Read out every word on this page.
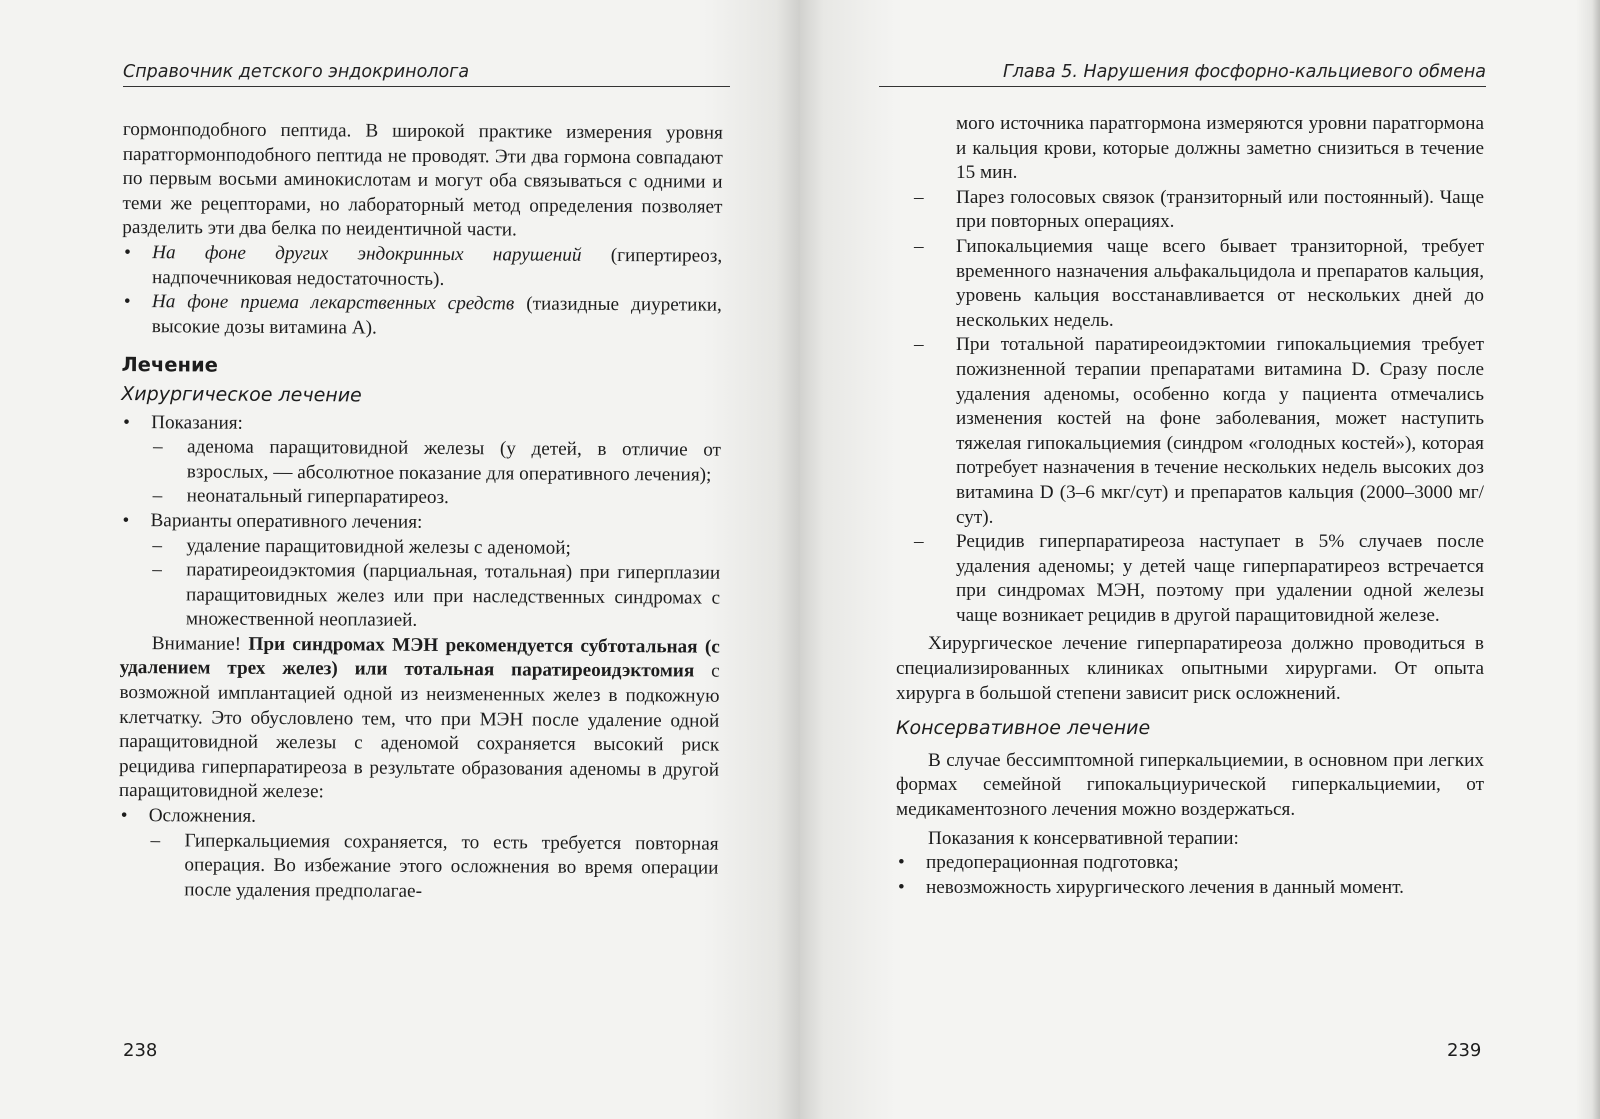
Справочник детского эндокринолога

гормонподобного пептида. В широкой практике измерения уровня паратгормонподобного пептида не проводят. Эти два гормона совпадают по первым восьми аминокислотам и могут оба связываться с одними и теми же рецепторами, но лабораторный метод определения позволяет разделить эти два белка по неидентичной части.

• На фоне других эндокринных нарушений (гипертиреоз, надпочечниковая недостаточность).
• На фоне приема лекарственных средств (тиазидные диуретики, высокие дозы витамина А).
Лечение
Хирургическое лечение
• Показания:
– аденома паращитовидной железы (у детей, в отличие от взрослых, — абсолютное показание для оперативного лечения);
– неонатальный гиперпаратиреоз.
• Варианты оперативного лечения:
– удаление паращитовидной железы с аденомой;
– паратиреоидэктомия (парциальная, тотальная) при гиперплазии паращитовидных желез или при наследственных синдромах с множественной неоплазией.

Внимание! При синдромах МЭН рекомендуется субтотальная (с удалением трех желез) или тотальная паратиреоидэктомия с возможной имплантацией одной из неизмененных желез в подкожную клетчатку. Это обусловлено тем, что при МЭН после удаление одной паращитовидной железы с аденомой сохраняется высокий риск рецидива гиперпаратиреоза в результате образования аденомы в другой паращитовидной железе:

• Осложнения.
– Гиперкальциемия сохраняется, то есть требуется повторная операция. Во избежание этого осложнения во время операции после удаления предполагае-
238
Глава 5. Нарушения фосфорно-кальциевого обмена
мого источника паратгормона измеряются уровни паратгормона и кальция крови, которые должны заметно снизиться в течение 15 мин.
– Парез голосовых связок (транзиторный или постоянный). Чаще при повторных операциях.
– Гипокальциемия чаще всего бывает транзиторной, требует временного назначения альфакальцидола и препаратов кальция, уровень кальция восстанавливается от нескольких дней до нескольких недель.
– При тотальной паратиреоидэктомии гипокальциемия требует пожизненной терапии препаратами витамина D. Сразу после удаления аденомы, особенно когда у пациента отмечались изменения костей на фоне заболевания, может наступить тяжелая гипокальциемия (синдром «голодных костей»), которая потребует назначения в течение нескольких недель высоких доз витамина D (3–6 мкг/сут) и препаратов кальция (2000–3000 мг/сут).
– Рецидив гиперпаратиреоза наступает в 5% случаев после удаления аденомы; у детей чаще гиперпаратиреоз встречается при синдромах МЭН, поэтому при удалении одной железы чаще возникает рецидив в другой паращитовидной железе.

Хирургическое лечение гиперпаратиреоза должно проводиться в специализированных клиниках опытными хирургами. От опыта хирурга в большой степени зависит риск осложнений.

Консервативное лечение

В случае бессимптомной гиперкальциемии, в основном при легких формах семейной гипокальциурической гиперкальциемии, от медикаментозного лечения можно воздержаться.

Показания к консервативной терапии:

• предоперационная подготовка;
• невозможность хирургического лечения в данный момент.
239
